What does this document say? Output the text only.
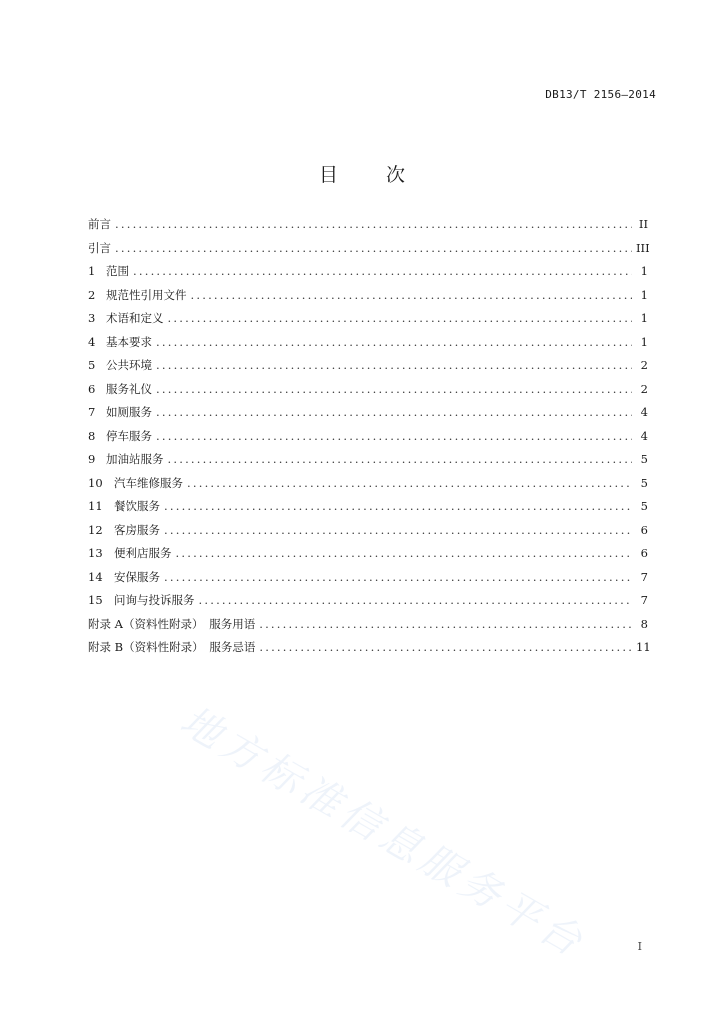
DB13/T 2156—2014
目	次
前言 .....	II
引言 .....	III
1 范围 .....	1
2 规范性引用文件 .....	1
3 术语和定义 .....	1
4 基本要求 .....	1
5 公共环境 .....	2
6 服务礼仪 .....	2
7 如厕服务 .....	4
8 停车服务 .....	4
9 加油站服务 .....	5
10 汽车维修服务 .....	5
11 餐饮服务 .....	5
12 客房服务 .....	6
13 便利店服务 .....	6
14 安保服务 .....	7
15 问询与投诉服务 .....	7
附录 A（资料性附录）　服务用语 .....	8
附录 B（资料性附录）　服务忌语 .....	11
地方标准信息服务平台	I
